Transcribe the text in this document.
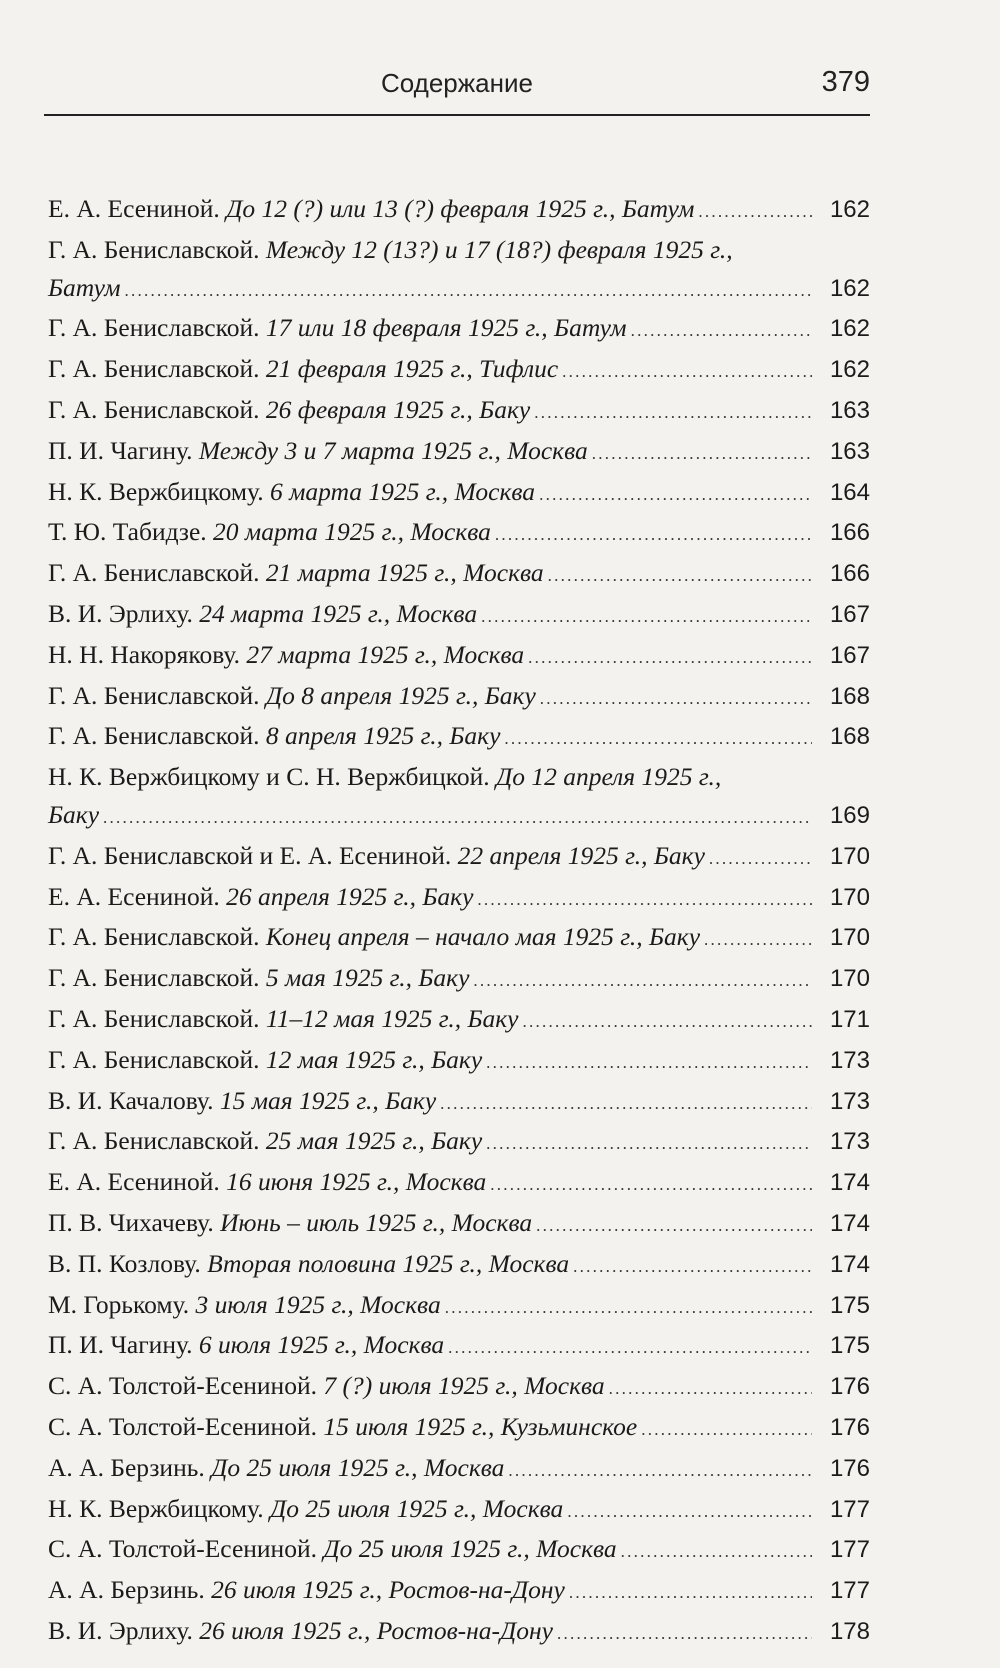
Содержание	379
Е. А. Есениной.
До 12 (?) или 13 (?) февраля 1925 г., Батум . . .	162
Г. А. Бениславской. Между 12 (13?) и 17 (18?) февраля 1925 г.,
Батум . . .	162
Г. А. Бениславской.
17 или 18 февраля 1925 г., Батум . . .	162
Г. А. Бениславской.
21 февраля 1925 г., Тифлис . . .	162
Г. А. Бениславской.
26 февраля 1925 г., Баку . . .	163
П. И. Чагину.
Между 3 и 7 марта 1925 г., Москва . . .	163
Н. К. Вержбицкому.
6 марта 1925 г., Москва . . .	164
Т. Ю. Табидзе.
20 марта 1925 г., Москва . . .	166
Г. А. Бениславской.
21 марта 1925 г., Москва . . .	166
В. И. Эрлиху.
24 марта 1925 г., Москва . . .	167
Н. Н. Накорякову.
27 марта 1925 г., Москва . . .	167
Г. А. Бениславской.
До 8 апреля 1925 г., Баку . . .	168
Г. А. Бениславской.
8 апреля 1925 г., Баку . . .	168
Н. К. Вержбицкому и С. Н. Вержбицкой. До 12 апреля 1925 г.,
Баку . . .	169
Г. А. Бениславской и Е. А. Есениной.
22 апреля 1925 г., Баку . . .	170
Е. А. Есениной.
26 апреля 1925 г., Баку . . .	170
Г. А. Бениславской.
Конец апреля – начало мая 1925 г., Баку . . .	170
Г. А. Бениславской.
5 мая 1925 г., Баку . . .	170
Г. А. Бениславской.
11–12 мая 1925 г., Баку . . .	171
Г. А. Бениславской.
12 мая 1925 г., Баку . . .	173
В. И. Качалову.
15 мая 1925 г., Баку . . .	173
Г. А. Бениславской.
25 мая 1925 г., Баку . . .	173
Е. А. Есениной.
16 июня 1925 г., Москва . . .	174
П. В. Чихачеву.
Июнь – июль 1925 г., Москва . . .	174
В. П. Козлову.
Вторая половина 1925 г., Москва . . .	174
М. Горькому.
3 июля 1925 г., Москва . . .	175
П. И. Чагину.
6 июля 1925 г., Москва . . .	175
С. А. Толстой-Есениной.
7 (?) июля 1925 г., Москва . . .	176
С. А. Толстой-Есениной.
15 июля 1925 г., Кузьминское . . .	176
А. А. Берзинь.
До 25 июля 1925 г., Москва . . .	176
Н. К. Вержбицкому.
До 25 июля 1925 г., Москва . . .	177
С. А. Толстой-Есениной.
До 25 июля 1925 г., Москва . . .	177
А. А. Берзинь.
26 июля 1925 г., Ростов-на-Дону . . .	177
В. И. Эрлиху.
26 июля 1925 г., Ростов-на-Дону . . .	178
